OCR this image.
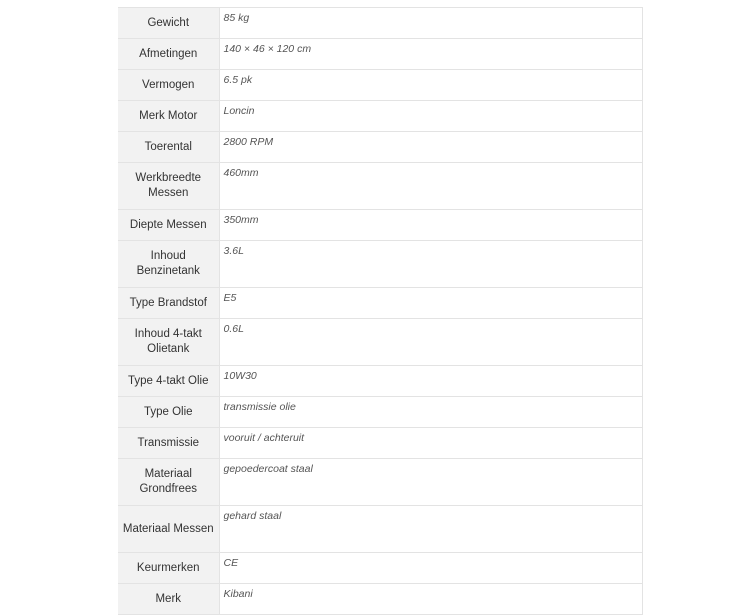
Gewicht	85 kg
Afmetingen	140 × 46 × 120 cm
Vermogen	6.5 pk
Merk Motor	Loncin
Toerental	2800 RPM
Werkbreedte Messen	460mm
Diepte Messen	350mm
Inhoud Benzinetank	3.6L
Type Brandstof	E5
Inhoud 4-takt Olietank	0.6L
Type 4-takt Olie	10W30
Type Olie	transmissie olie
Transmissie	vooruit / achteruit
Materiaal Grondfrees	gepoedercoat staal
Materiaal Messen	gehard staal
Keurmerken	CE
Merk	Kibani
